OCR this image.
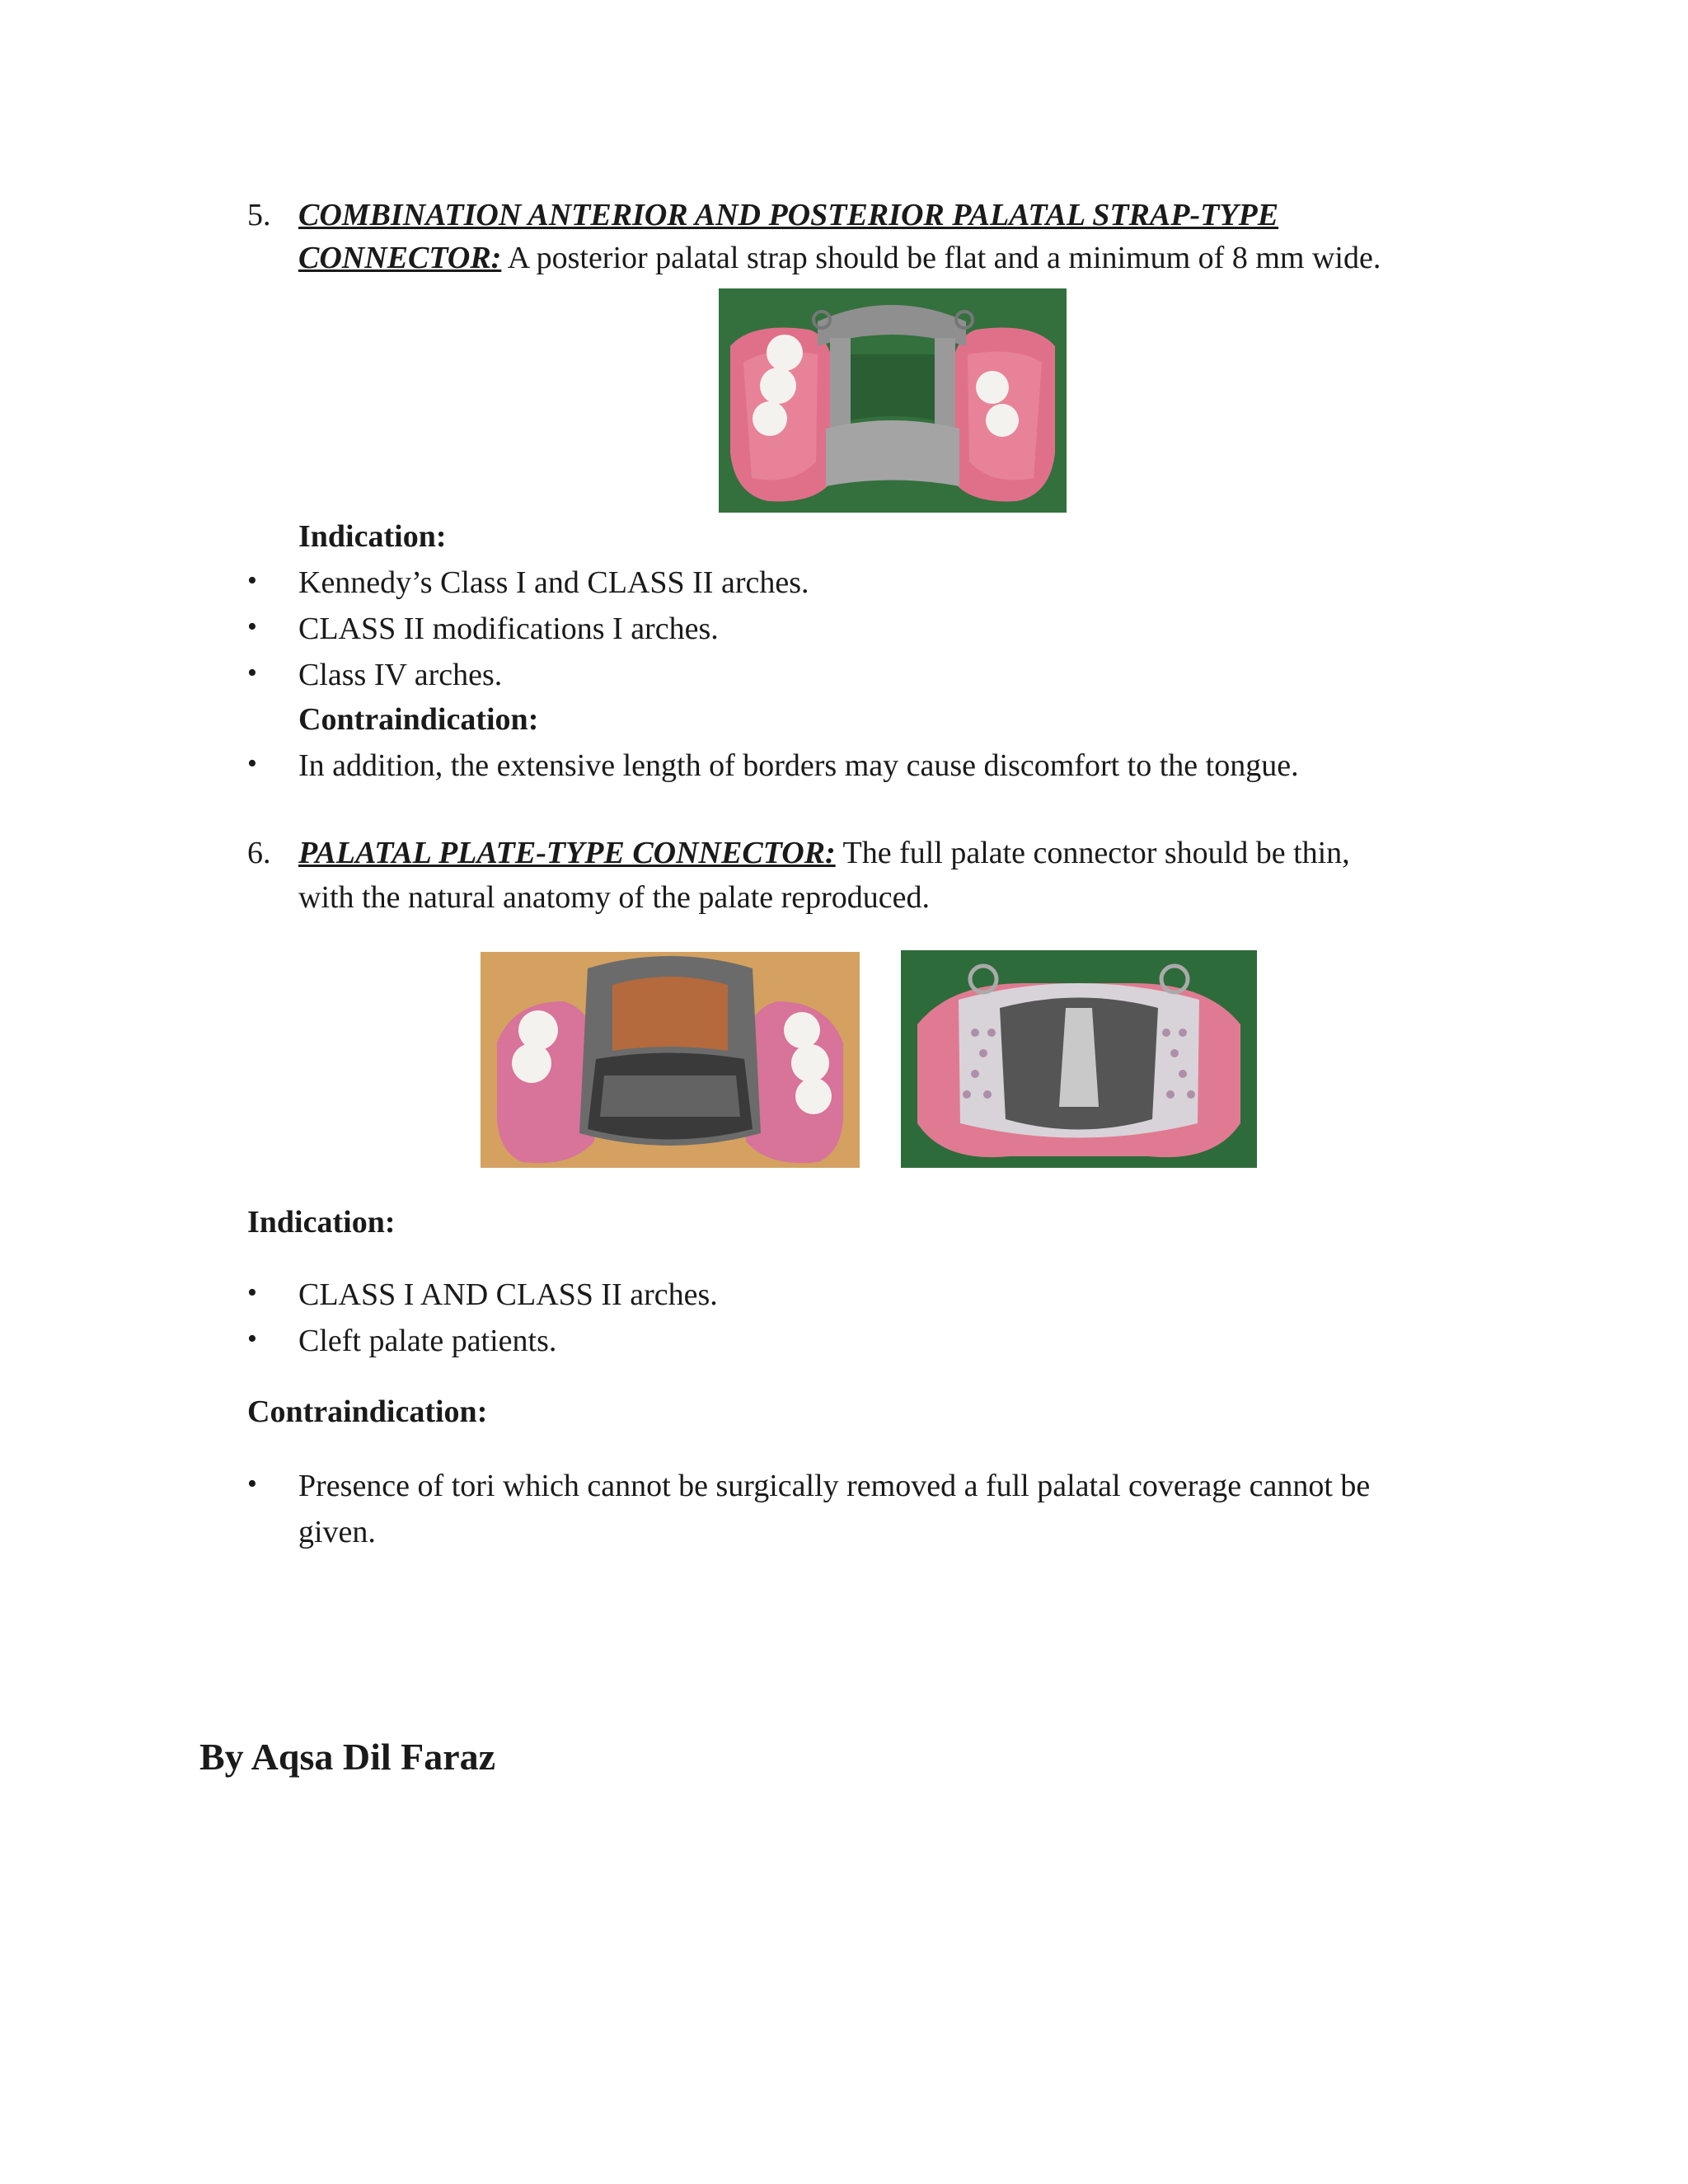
5. COMBINATION ANTERIOR AND POSTERIOR PALATAL STRAP-TYPE
CONNECTOR: A posterior palatal strap should be flat and a minimum of 8 mm wide.
Indication:
• Kennedy’s Class I and CLASS II arches.
• CLASS II modifications I arches.
• Class IV arches.
Contraindication:
• In addition, the extensive length of borders may cause discomfort to the tongue.
6. PALATAL PLATE-TYPE CONNECTOR: The full palate connector should be thin,
with the natural anatomy of the palate reproduced.
Indication:
• CLASS I AND CLASS II arches.
• Cleft palate patients.
Contraindication:
• Presence of tori which cannot be surgically removed a full palatal coverage cannot be
given.
By Aqsa Dil Faraz
